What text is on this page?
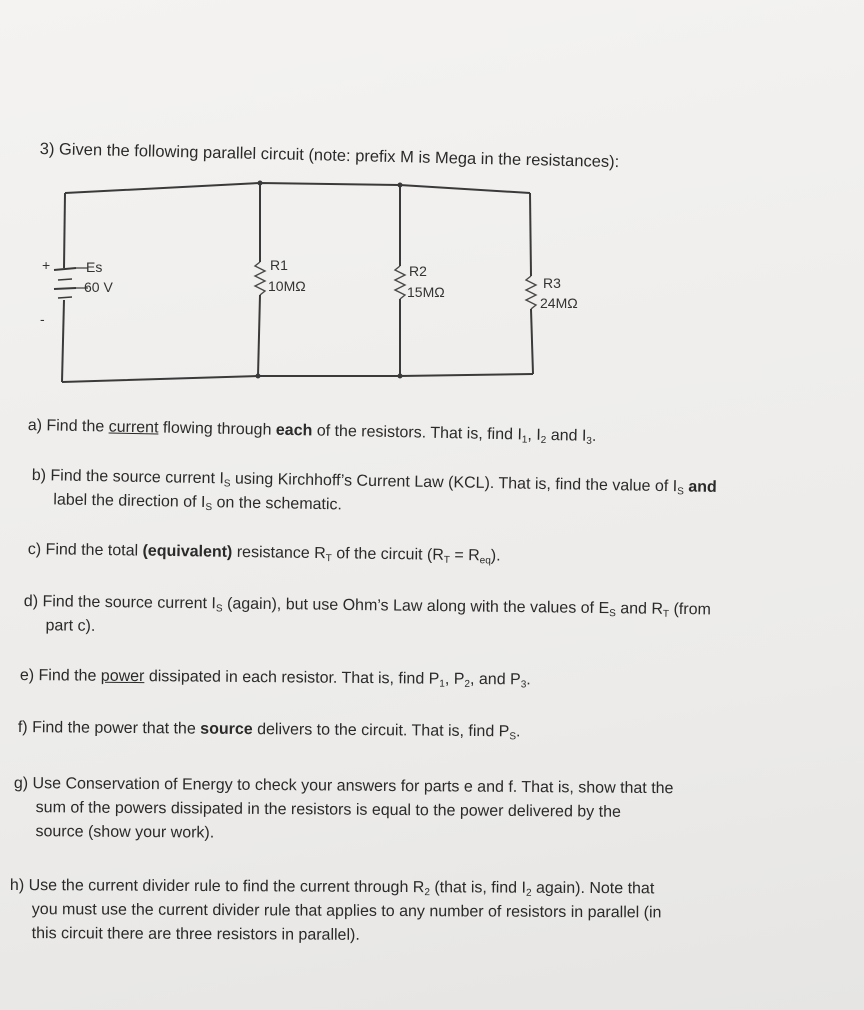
3) Given the following parallel circuit (note: prefix M is Mega in the resistances):
+
-
Es
60 V
R1
10MΩ
R2
15MΩ
R3
24MΩ
a) Find the current flowing through each of the resistors. That is, find $I_1$, $I_2$ and $I_3$.
b) Find the source current $I_S$ using Kirchhoff’s Current Law (KCL). That is, find the value of $I_S$ and
label the direction of $I_S$ on the schematic.
c) Find the total (equivalent) resistance $R_T$ of the circuit $(R_T = R_{eq})$.
d) Find the source current $I_S$ (again), but use Ohm’s Law along with the values of $E_S$ and $R_T$ (from
part c).
e) Find the power dissipated in each resistor. That is, find $P_1$, $P_2$, and $P_3$.
f) Find the power that the source delivers to the circuit. That is, find $P_S$.
g) Use Conservation of Energy to check your answers for parts e and f. That is, show that the
sum of the powers dissipated in the resistors is equal to the power delivered by the
source (show your work).
h) Use the current divider rule to find the current through $R_2$ (that is, find $I_2$ again). Note that
you must use the current divider rule that applies to any number of resistors in parallel (in
this circuit there are three resistors in parallel).
